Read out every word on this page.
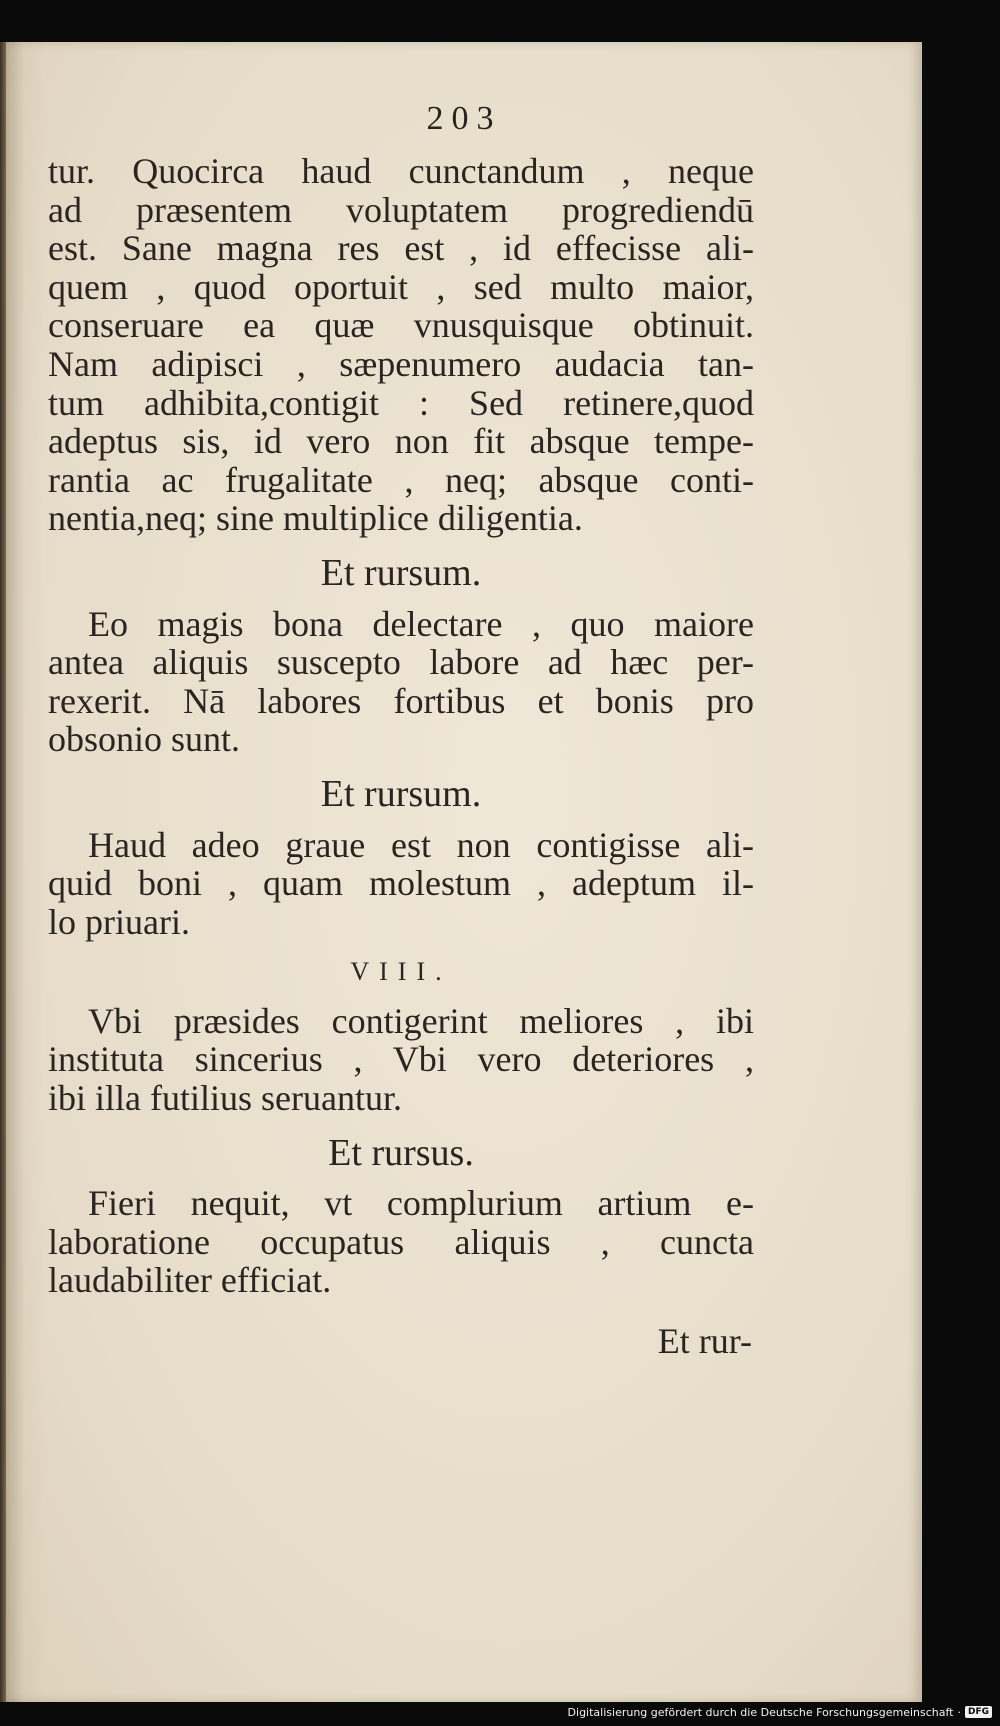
203
tur. Quocirca haud cunctandum , neque
ad præsentem voluptatem progrediendū
est. Sane magna res est , id effecisse ali-
quem , quod oportuit , sed multo maior,
conseruare ea quæ vnusquisque obtinuit.
Nam adipisci , sæpenumero audacia tan-
tum adhibita,contigit : Sed retinere,quod
adeptus sis, id vero non fit absque tempe-
rantia ac frugalitate , neq; absque conti-
nentia,neq; sine multiplice diligentia.
Et rursum.
Eo magis bona delectare , quo maiore
antea aliquis suscepto labore ad hæc per-
rexerit. Nā labores fortibus et bonis pro
obsonio sunt.
Et rursum.
Haud adeo graue est non contigisse ali-
quid boni , quam molestum , adeptum il-
lo priuari.
VIII.
Vbi præsides contigerint meliores , ibi
instituta sincerius , Vbi vero deteriores ,
ibi illa futilius seruantur.
Et rursus.
Fieri nequit, vt complurium artium e-
laboratione occupatus aliquis , cuncta
laudabiliter efficiat.
Et rur-
Digitalisierung gefördert durch die Deutsche Forschungsgemeinschaft · DFG
